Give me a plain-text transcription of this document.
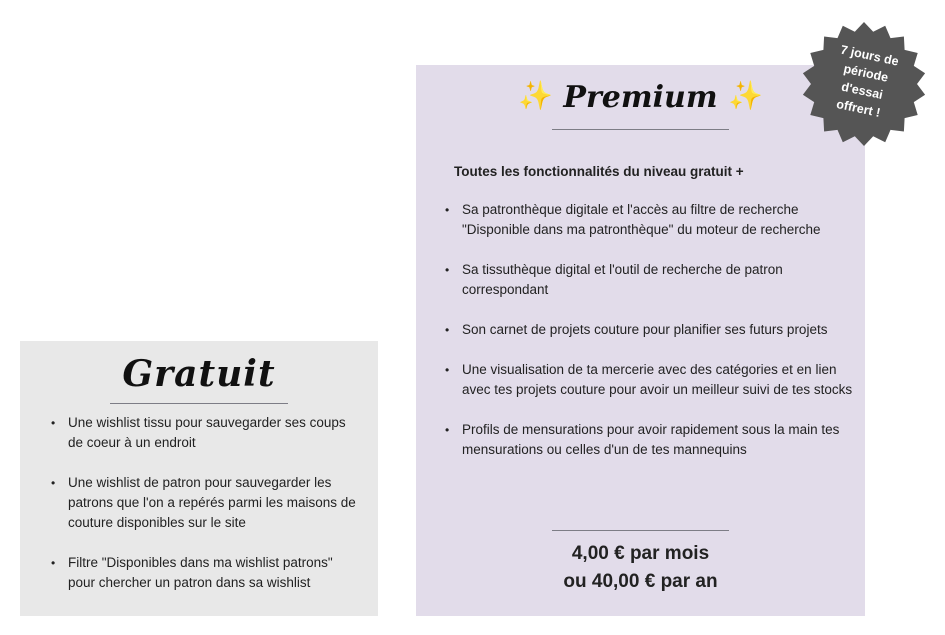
Gratuit
• Une wishlist tissu pour sauvegarder ses coups de coeur à un endroit
• Une wishlist de patron pour sauvegarder les patrons que l'on a repérés parmi les maisons de couture disponibles sur le site
• Filtre "Disponibles dans ma wishlist patrons" pour chercher un patron dans sa wishlist
✨ Premium ✨
Toutes les fonctionnalités du niveau gratuit +
• Sa patronthèque digitale et l'accès au filtre de recherche "Disponible dans ma patronthèque" du moteur de recherche
• Sa tissuthèque digital et l'outil de recherche de patron correspondant
• Son carnet de projets couture pour planifier ses futurs projets
• Une visualisation de ta mercerie avec des catégories et en lien avec tes projets couture pour avoir un meilleur suivi de tes stocks
• Profils de mensurations pour avoir rapidement sous la main tes mensurations ou celles d'un de tes mannequins
4,00 € par mois
ou 40,00 € par an
7 jours de
période
d'essai
offrert !
